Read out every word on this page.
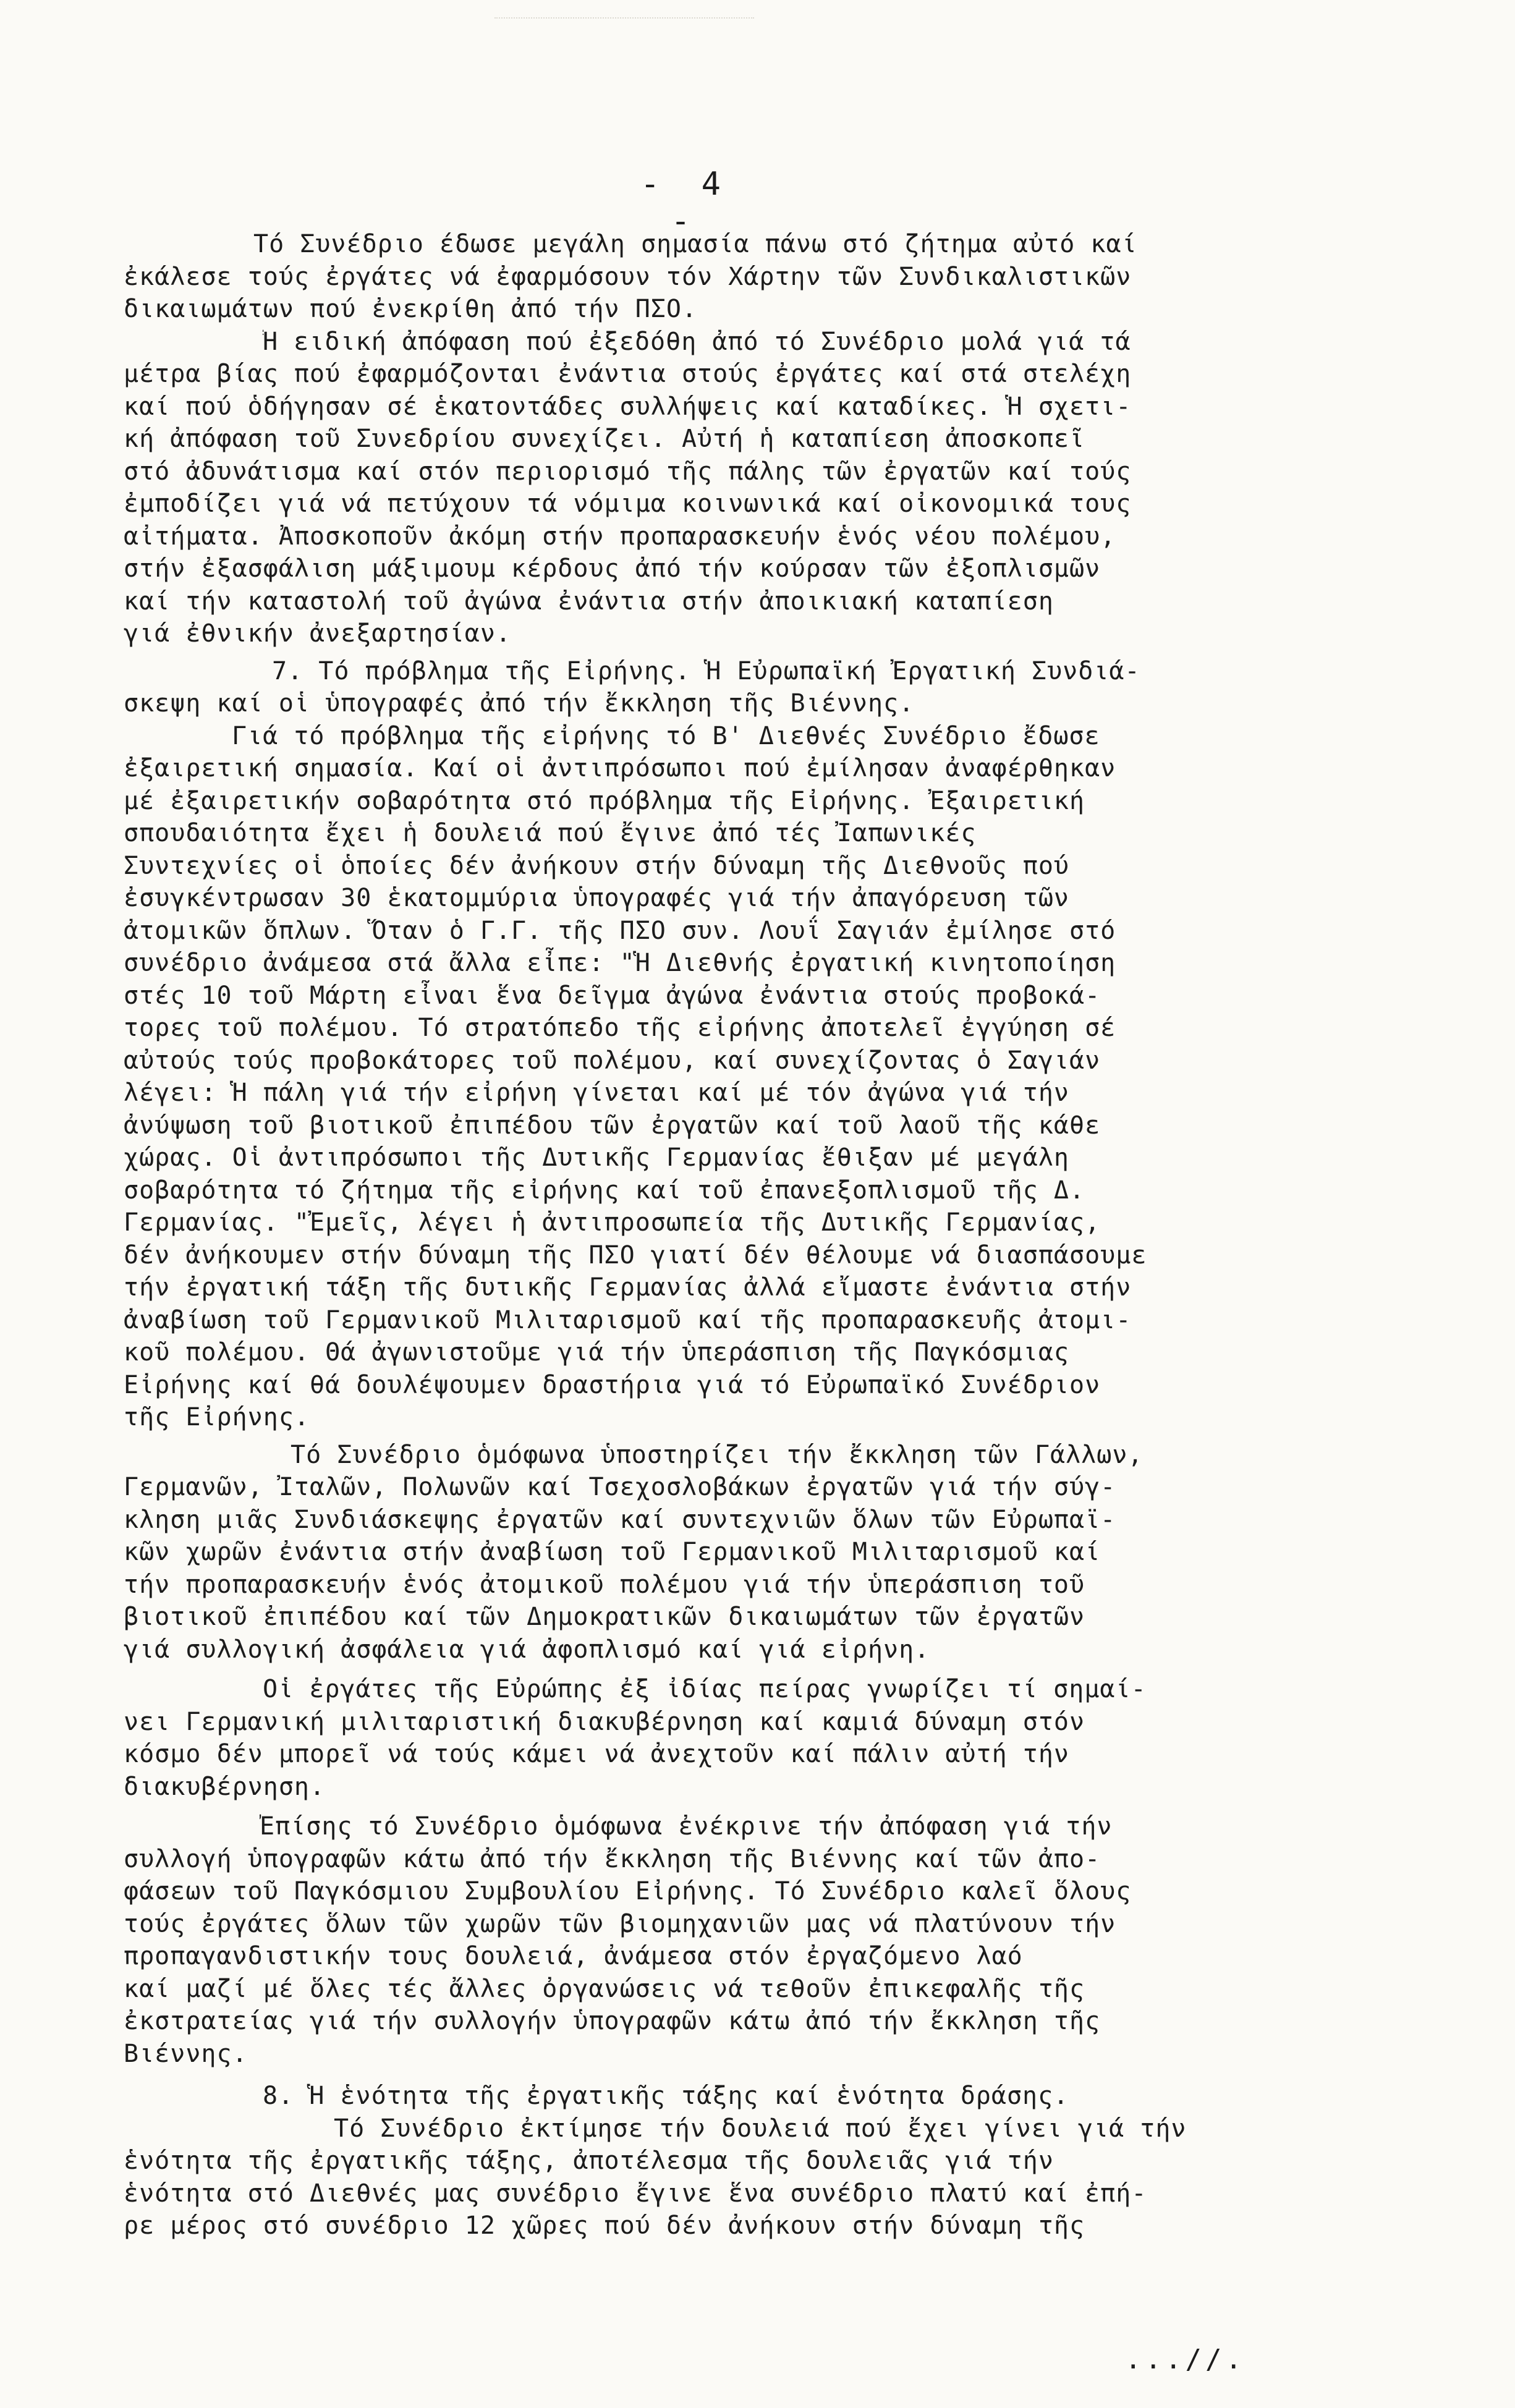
- 4 -
Τό Συνέδριο έδωσε μεγάλη σημασία πάνω στό ζήτημα αὐτό καί
ἐκάλεσε τούς ἐργάτες νά ἐφαρμόσουν τόν Χάρτην τῶν Συνδικαλιστικῶν
δικαιωμάτων πού ἐνεκρίθη ἀπό τήν ΠΣΟ.
Ἡ ειδική ἀπόφαση πού ἐξεδόθη ἀπό τό Συνέδριο μολά γιά τά
μέτρα βίας πού ἐφαρμόζονται ἐνάντια στούς ἐργάτες καί στά στελέχη
καί πού ὁδήγησαν σέ ἑκατοντάδες συλλήψεις καί καταδίκες. Ἡ σχετι-
κή ἀπόφαση τοῦ Συνεδρίου συνεχίζει. Αὐτή ἡ καταπίεση ἀποσκοπεῖ
στό ἀδυνάτισμα καί στόν περιορισμό τῆς πάλης τῶν ἐργατῶν καί τούς
ἐμποδίζει γιά νά πετύχουν τά νόμιμα κοινωνικά καί οἰκονομικά τους
αἰτήματα. Ἀποσκοποῦν ἀκόμη στήν προπαρασκευήν ἑνός νέου πολέμου,
στήν ἐξασφάλιση μάξιμουμ κέρδους ἀπό τήν κούρσαν τῶν ἐξοπλισμῶν
καί τήν καταστολή τοῦ ἀγώνα ἐνάντια στήν ἀποικιακή καταπίεση
γιά ἐθνικήν ἀνεξαρτησίαν.
7. Τό πρόβλημα τῆς Εἰρήνης. Ἡ Εὐρωπαϊκή Ἐργατική Συνδιά-
σκεψη καί οἱ ὑπογραφές ἀπό τήν ἔκκληση τῆς Βιέννης.
Γιά τό πρόβλημα τῆς εἰρήνης τό Β' Διεθνές Συνέδριο ἔδωσε
ἐξαιρετική σημασία. Καί οἱ ἀντιπρόσωποι πού ἐμίλησαν ἀναφέρθηκαν
μέ ἐξαιρετικήν σοβαρότητα στό πρόβλημα τῆς Εἰρήνης. Ἐξαιρετική
σπουδαιότητα ἔχει ἡ δουλειά πού ἔγινε ἀπό τές Ἰαπωνικές
Συντεχνίες οἱ ὁποίες δέν ἀνήκουν στήν δύναμη τῆς Διεθνοῦς πού
ἐσυγκέντρωσαν 30 ἑκατομμύρια ὑπογραφές γιά τήν ἀπαγόρευση τῶν
ἀτομικῶν ὅπλων. Ὅταν ὁ Γ.Γ. τῆς ΠΣΟ συν. Λουΐ Σαγιάν ἐμίλησε στό
συνέδριο ἀνάμεσα στά ἄλλα εἶπε: "Ἡ Διεθνής ἐργατική κινητοποίηση
στές 10 τοῦ Μάρτη εἶναι ἕνα δεῖγμα ἀγώνα ἐνάντια στούς προβοκά-
τορες τοῦ πολέμου. Τό στρατόπεδο τῆς εἰρήνης ἀποτελεῖ ἐγγύηση σέ
αὐτούς τούς προβοκάτορες τοῦ πολέμου, καί συνεχίζοντας ὁ Σαγιάν
λέγει: Ἡ πάλη γιά τήν εἰρήνη γίνεται καί μέ τόν ἀγώνα γιά τήν
ἀνύψωση τοῦ βιοτικοῦ ἐπιπέδου τῶν ἐργατῶν καί τοῦ λαοῦ τῆς κάθε
χώρας. Οἱ ἀντιπρόσωποι τῆς Δυτικῆς Γερμανίας ἔθιξαν μέ μεγάλη
σοβαρότητα τό ζήτημα τῆς εἰρήνης καί τοῦ ἐπανεξοπλισμοῦ τῆς Δ.
Γερμανίας. "Ἐμεῖς, λέγει ἡ ἀντιπροσωπεία τῆς Δυτικῆς Γερμανίας,
δέν ἀνήκουμεν στήν δύναμη τῆς ΠΣΟ γιατί δέν θέλουμε νά διασπάσουμε
τήν ἐργατική τάξη τῆς δυτικῆς Γερμανίας ἀλλά εἴμαστε ἐνάντια στήν
ἀναβίωση τοῦ Γερμανικοῦ Μιλιταρισμοῦ καί τῆς προπαρασκευῆς ἀτομι-
κοῦ πολέμου. Θά ἀγωνιστοῦμε γιά τήν ὑπεράσπιση τῆς Παγκόσμιας
Εἰρήνης καί θά δουλέψουμεν δραστήρια γιά τό Εὐρωπαϊκό Συνέδριον
τῆς Εἰρήνης.
Τό Συνέδριο ὁμόφωνα ὑποστηρίζει τήν ἔκκληση τῶν Γάλλων,
Γερμανῶν, Ἰταλῶν, Πολωνῶν καί Τσεχοσλοβάκων ἐργατῶν γιά τήν σύγ-
κληση μιᾶς Συνδιάσκεψης ἐργατῶν καί συντεχνιῶν ὅλων τῶν Εὐρωπαϊ-
κῶν χωρῶν ἐνάντια στήν ἀναβίωση τοῦ Γερμανικοῦ Μιλιταρισμοῦ καί
τήν προπαρασκευήν ἑνός ἀτομικοῦ πολέμου γιά τήν ὑπεράσπιση τοῦ
βιοτικοῦ ἐπιπέδου καί τῶν Δημοκρατικῶν δικαιωμάτων τῶν ἐργατῶν
γιά συλλογική ἀσφάλεια γιά ἀφοπλισμό καί γιά εἰρήνη.
Οἱ ἐργάτες τῆς Εὐρώπης ἐξ ἰδίας πείρας γνωρίζει τί σημαί-
νει Γερμανική μιλιταριστική διακυβέρνηση καί καμιά δύναμη στόν
κόσμο δέν μπορεῖ νά τούς κάμει νά ἀνεχτοῦν καί πάλιν αὐτή τήν
διακυβέρνηση.
Ἐπίσης τό Συνέδριο ὁμόφωνα ἐνέκρινε τήν ἀπόφαση γιά τήν
συλλογή ὑπογραφῶν κάτω ἀπό τήν ἔκκληση τῆς Βιέννης καί τῶν ἀπο-
φάσεων τοῦ Παγκόσμιου Συμβουλίου Εἰρήνης. Τό Συνέδριο καλεῖ ὅλους
τούς ἐργάτες ὅλων τῶν χωρῶν τῶν βιομηχανιῶν μας νά πλατύνουν τήν
προπαγανδιστικήν τους δουλειά, ἀνάμεσα στόν ἐργαζόμενο λαό
καί μαζί μέ ὅλες τές ἄλλες ὀργανώσεις νά τεθοῦν ἐπικεφαλῆς τῆς
ἐκστρατείας γιά τήν συλλογήν ὑπογραφῶν κάτω ἀπό τήν ἔκκληση τῆς
Βιέννης.
8. Ἡ ἑνότητα τῆς ἐργατικῆς τάξης καί ἑνότητα δράσης.
Τό Συνέδριο ἐκτίμησε τήν δουλειά πού ἔχει γίνει γιά τήν
ἑνότητα τῆς ἐργατικῆς τάξης, ἀποτέλεσμα τῆς δουλειᾶς γιά τήν
ἑνότητα στό Διεθνές μας συνέδριο ἔγινε ἕνα συνέδριο πλατύ καί ἐπή-
ρε μέρος στό συνέδριο 12 χῶρες πού δέν ἀνήκουν στήν δύναμη τῆς
...//.
